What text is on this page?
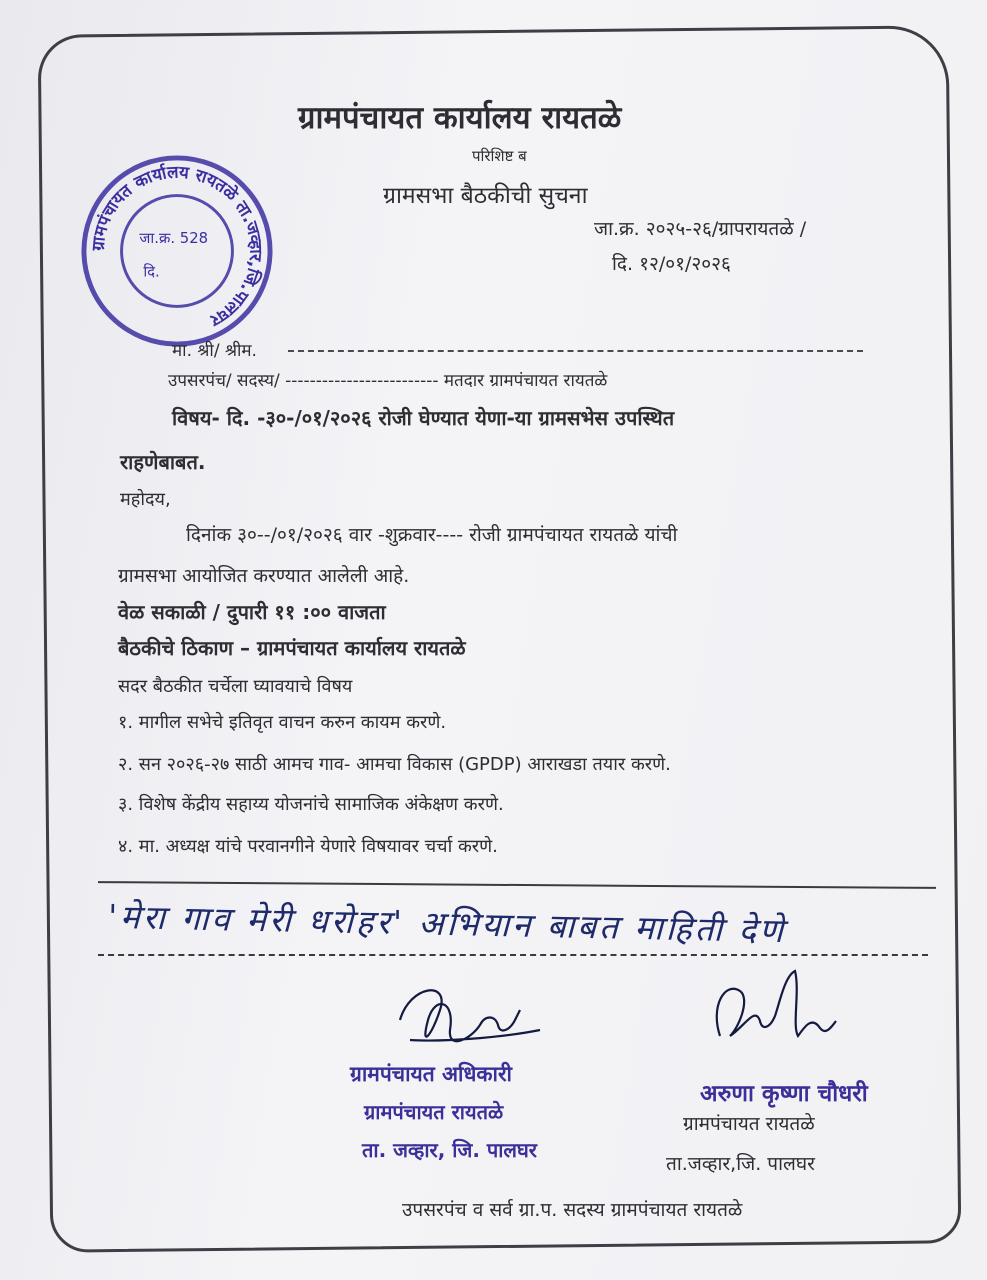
ग्रामपंचायत कार्यालय रायतळे ता.जव्हार,जि.पालघर
जा.क्र. 528
दि.
ग्रामपंचायत कार्यालय रायतळे
परिशिष्ट ब
ग्रामसभा बैठकीची सुचना
जा.क्र. २०२५-२६/ग्रापरायतळे /
दि. १२/०१/२०२६
मा. श्री/ श्रीम.
उपसरपंच/ सदस्य/ ------------------------- मतदार ग्रामपंचायत रायतळे
विषय- दि. -३०-/०१/२०२६ रोजी घेण्यात येणा-या ग्रामसभेस उपस्थित
राहणेबाबत.
महोदय,
दिनांक ३०--/०१/२०२६ वार -शुक्रवार---- रोजी ग्रामपंचायत रायतळे यांची
ग्रामसभा आयोजित करण्यात आलेली आहे.
वेळ सकाळी / दुपारी ११ :०० वाजता
बैठकीचे ठिकाण – ग्रामपंचायत कार्यालय रायतळे
सदर बैठकीत चर्चेला घ्यावयाचे विषय
१. मागील सभेचे इतिवृत वाचन करुन कायम करणे.
२. सन २०२६-२७ साठी आमच गाव- आमचा विकास (GPDP) आराखडा तयार करणे.
३. विशेष केंद्रीय सहाय्य योजनांचे सामाजिक अंकेक्षण करणे.
४. मा. अध्यक्ष यांचे परवानगीने येणारे विषयावर चर्चा करणे.
'मेरा गाव मेरी धरोहर' अभियान बाबत माहिती देणे
ग्रामपंचायत अधिकारी
ग्रामपंचायत रायतळे
ता. जव्हार, जि. पालघर
अरुणा कृष्णा चौधरी
ग्रामपंचायत रायतळे
ता.जव्हार,जि. पालघर
उपसरपंच व सर्व ग्रा.प. सदस्य ग्रामपंचायत रायतळे
